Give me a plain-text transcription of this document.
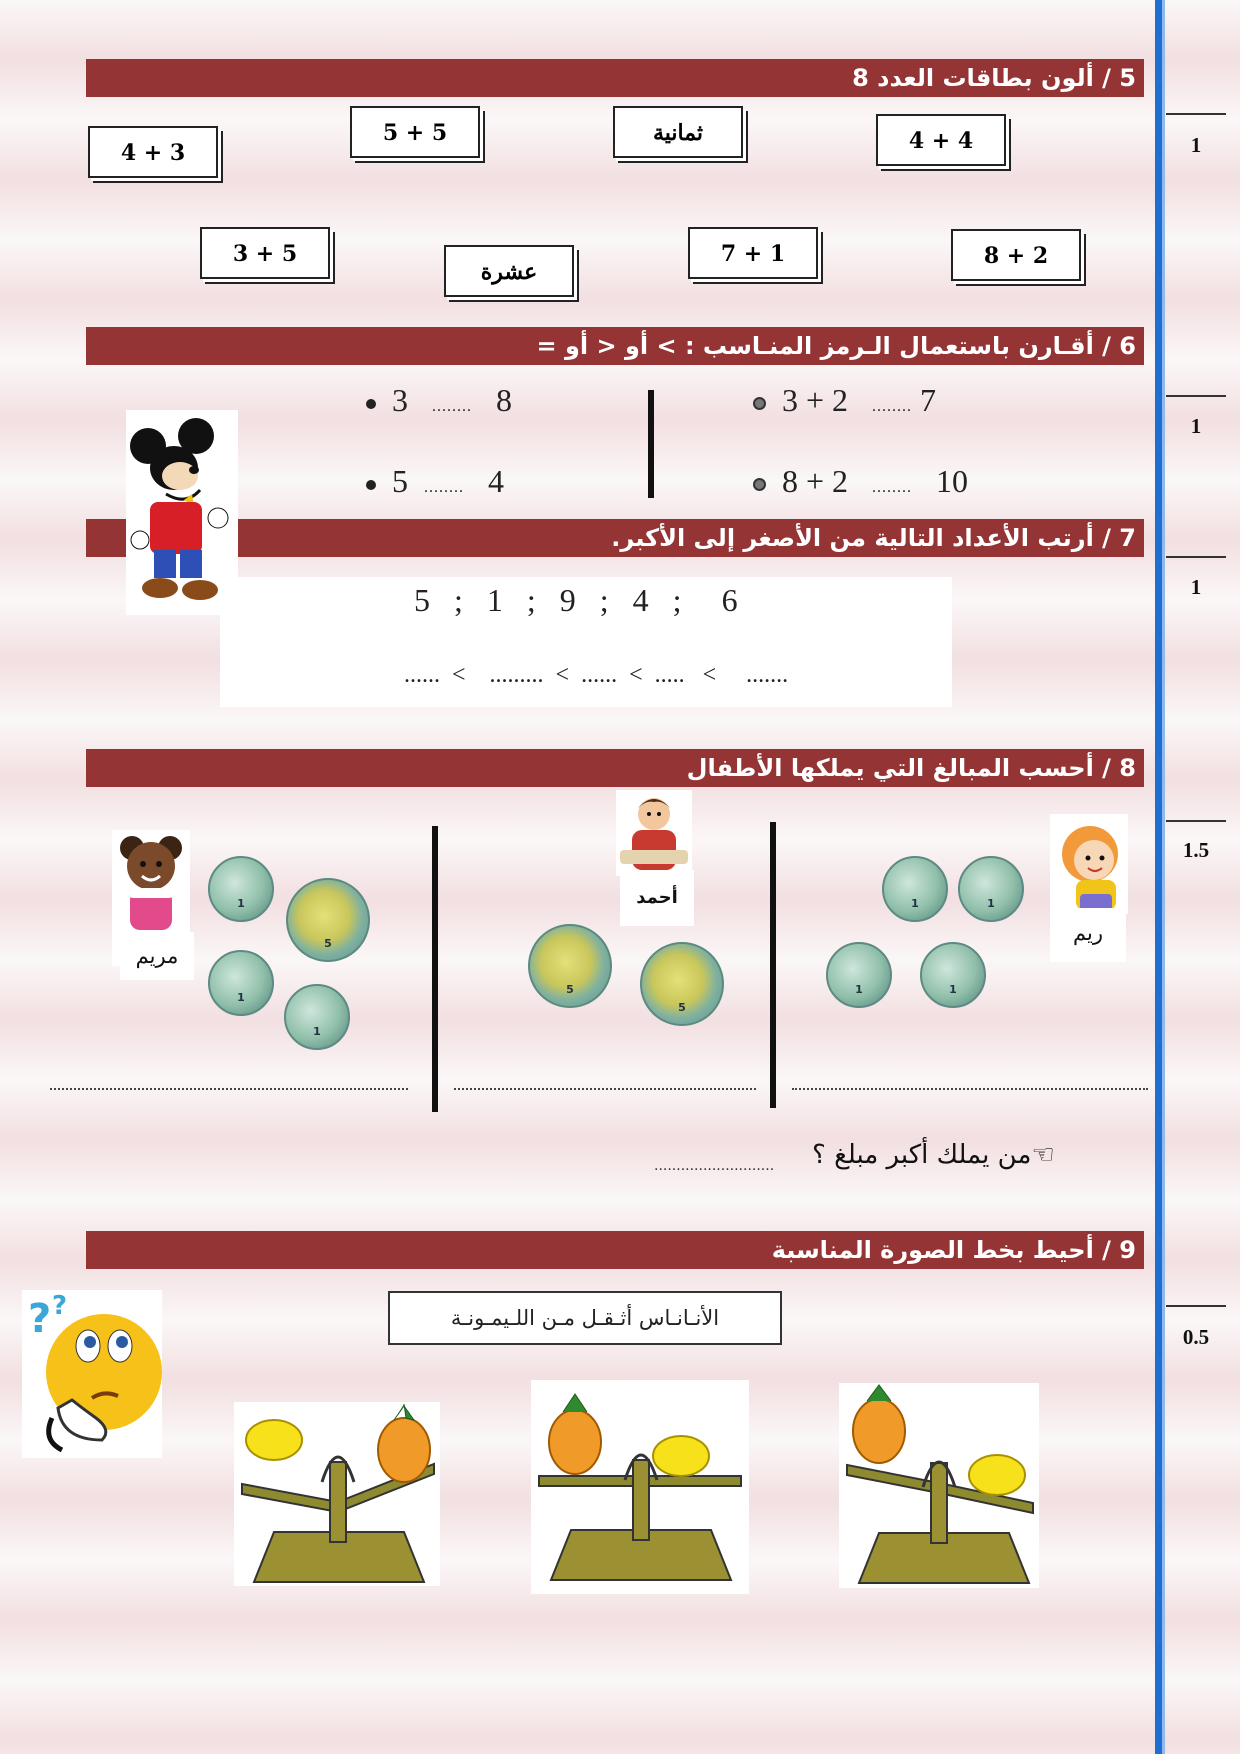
1
1
1
1.5
0.5
5 / ألون بطاقات العدد 8
4 + 3
5 + 5	ثمانية	4 + 4
3 + 5
عشرة
7 + 1	8 + 2
6 / أقـارن باستعمال الـرمز المنـاسب : > أو < أو =
3 ........ 8
5 ........ 4
3 + 2 ........ 7
8 + 2 ........ 10
7 / أرتب الأعداد التالية من الأصغر إلى الأكبر.
5   ;   1   ;   9   ;   4   ;     6
......  <    .........  <  ......  <  .....   <     .......
8 / أحسب المبالغ التي يملكها الأطفال
مريم
1
5
1
1
أحمد
5
5
1	1
1	1
ريم
☜من يملك أكبر مبلغ ؟
...........................
9 / أحيط بخط الصورة المناسبة
الأنـانـاس أثـقـل مـن اللـيمـونـة
? ?
